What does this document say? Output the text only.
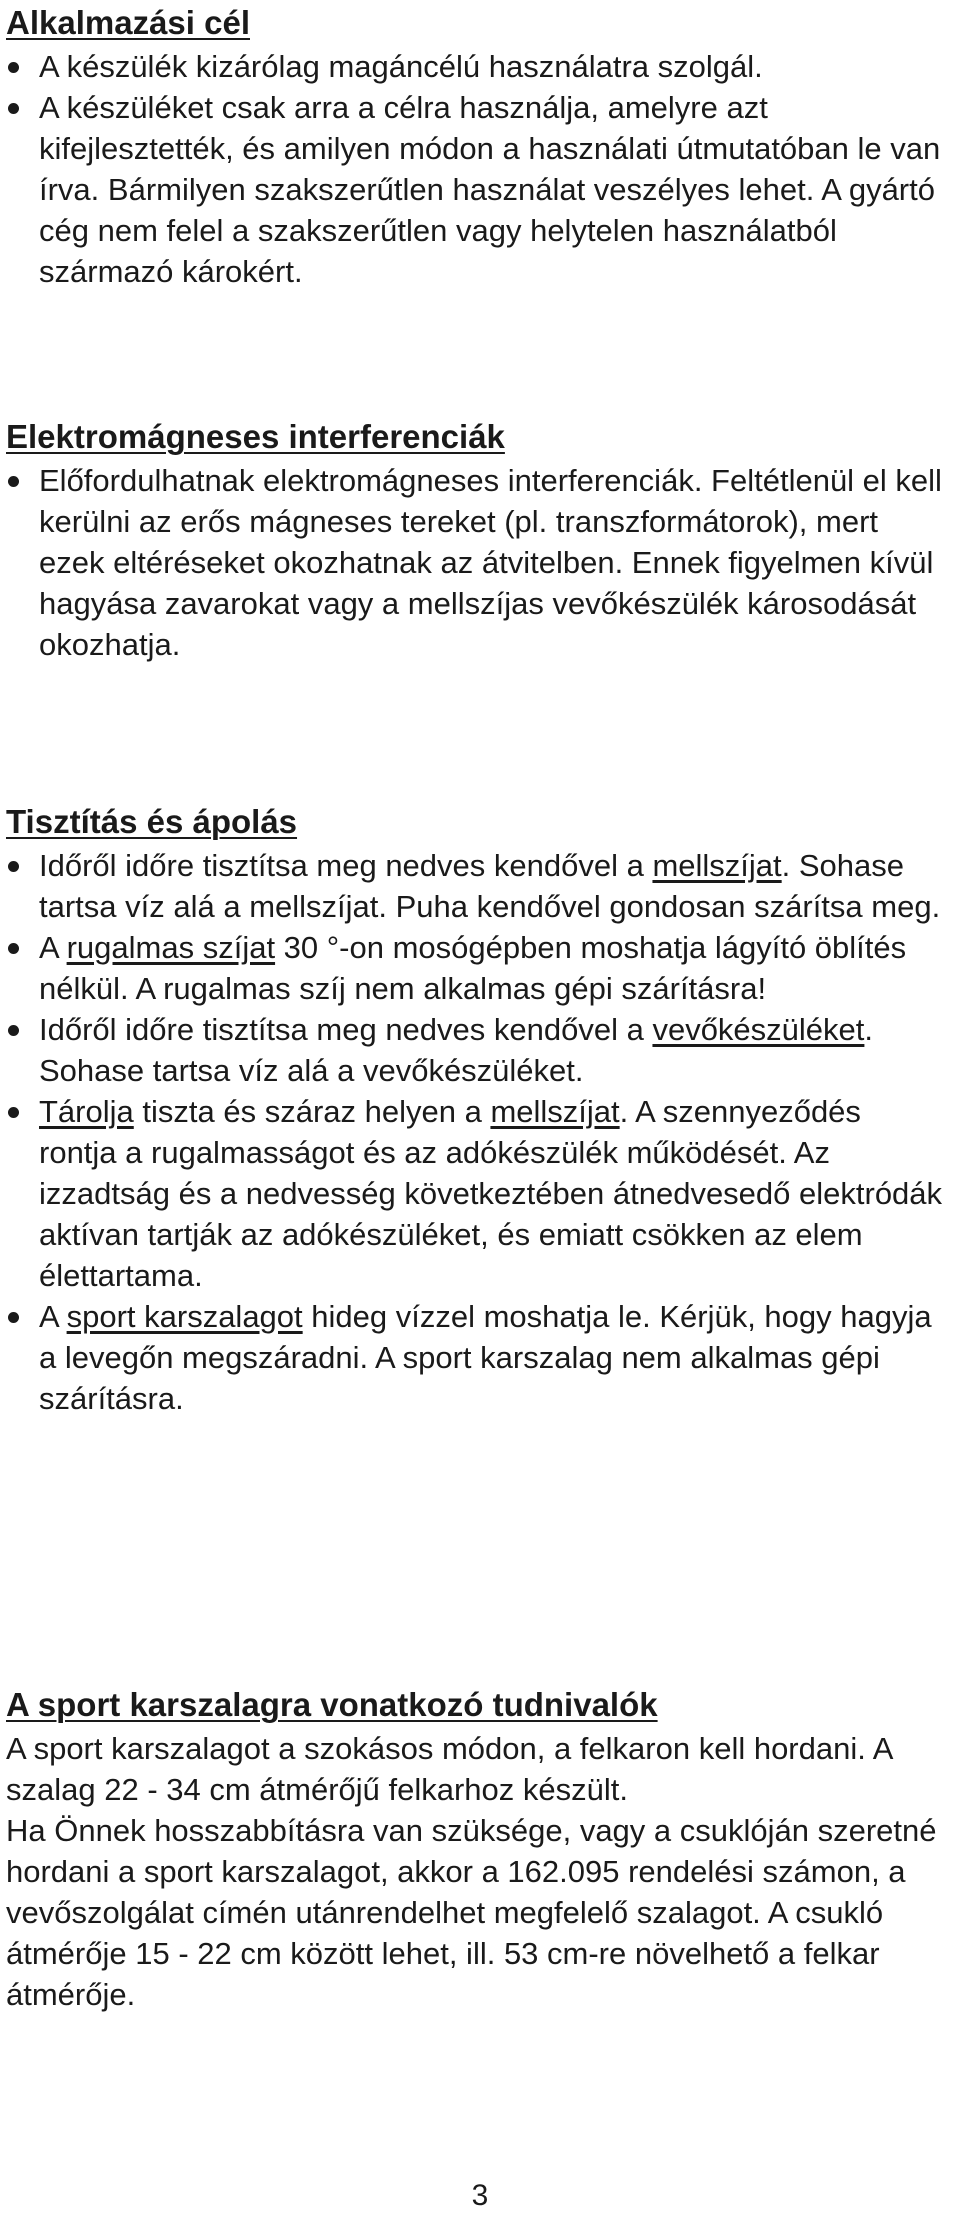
Alkalmazási cél
A készülék kizárólag magáncélú használatra szolgál.
A készüléket csak arra a célra használja, amelyre azt kifejlesztették, és amilyen módon a használati útmutatóban le van írva. Bármilyen szakszerűtlen használat veszélyes lehet. A gyártó cég nem felel a szakszerűtlen vagy helytelen használatból származó károkért.
Elektromágneses interferenciák
Előfordulhatnak elektromágneses interferenciák. Feltétlenül el kell kerülni az erős mágneses tereket (pl. transzformátorok), mert ezek eltéréseket okozhatnak az átvitelben. Ennek figyelmen kívül hagyása zavarokat vagy a mellszíjas vevőkészülék károsodását okozhatja.
Tisztítás és ápolás
Időről időre tisztítsa meg nedves kendővel a mellszíjat. Sohase tartsa víz alá a mellszíjat. Puha kendővel gondosan szárítsa meg.
A rugalmas szíjat 30 °-on mosógépben moshatja lágyító öblítés nélkül. A rugalmas szíj nem alkalmas gépi szárításra!
Időről időre tisztítsa meg nedves kendővel a vevőkészüléket. Sohase tartsa víz alá a vevőkészüléket.
Tárolja tiszta és száraz helyen a mellszíjat. A szennyeződés rontja a rugalmasságot és az adókészülék működését. Az izzadtság és a nedvesség következtében átnedvesedő elektródák aktívan tartják az adókészüléket, és emiatt csökken az elem élettartama.
A sport karszalagot hideg vízzel moshatja le. Kérjük, hogy hagyja a levegőn megszáradni. A sport karszalag nem alkalmas gépi szárításra.
A sport karszalagra vonatkozó tudnivalók

A sport karszalagot a szokásos módon, a felkaron kell hordani. A szalag 22 - 34 cm átmérőjű felkarhoz készült.

Ha Önnek hosszabbításra van szüksége, vagy a csuklóján szeretné hordani a sport karszalagot, akkor a 162.095 rendelési számon, a vevőszolgálat címén utánrendelhet megfelelő szalagot. A csukló átmérője 15 - 22 cm között lehet, ill. 53 cm-re növelhető a felkar átmérője.

3
